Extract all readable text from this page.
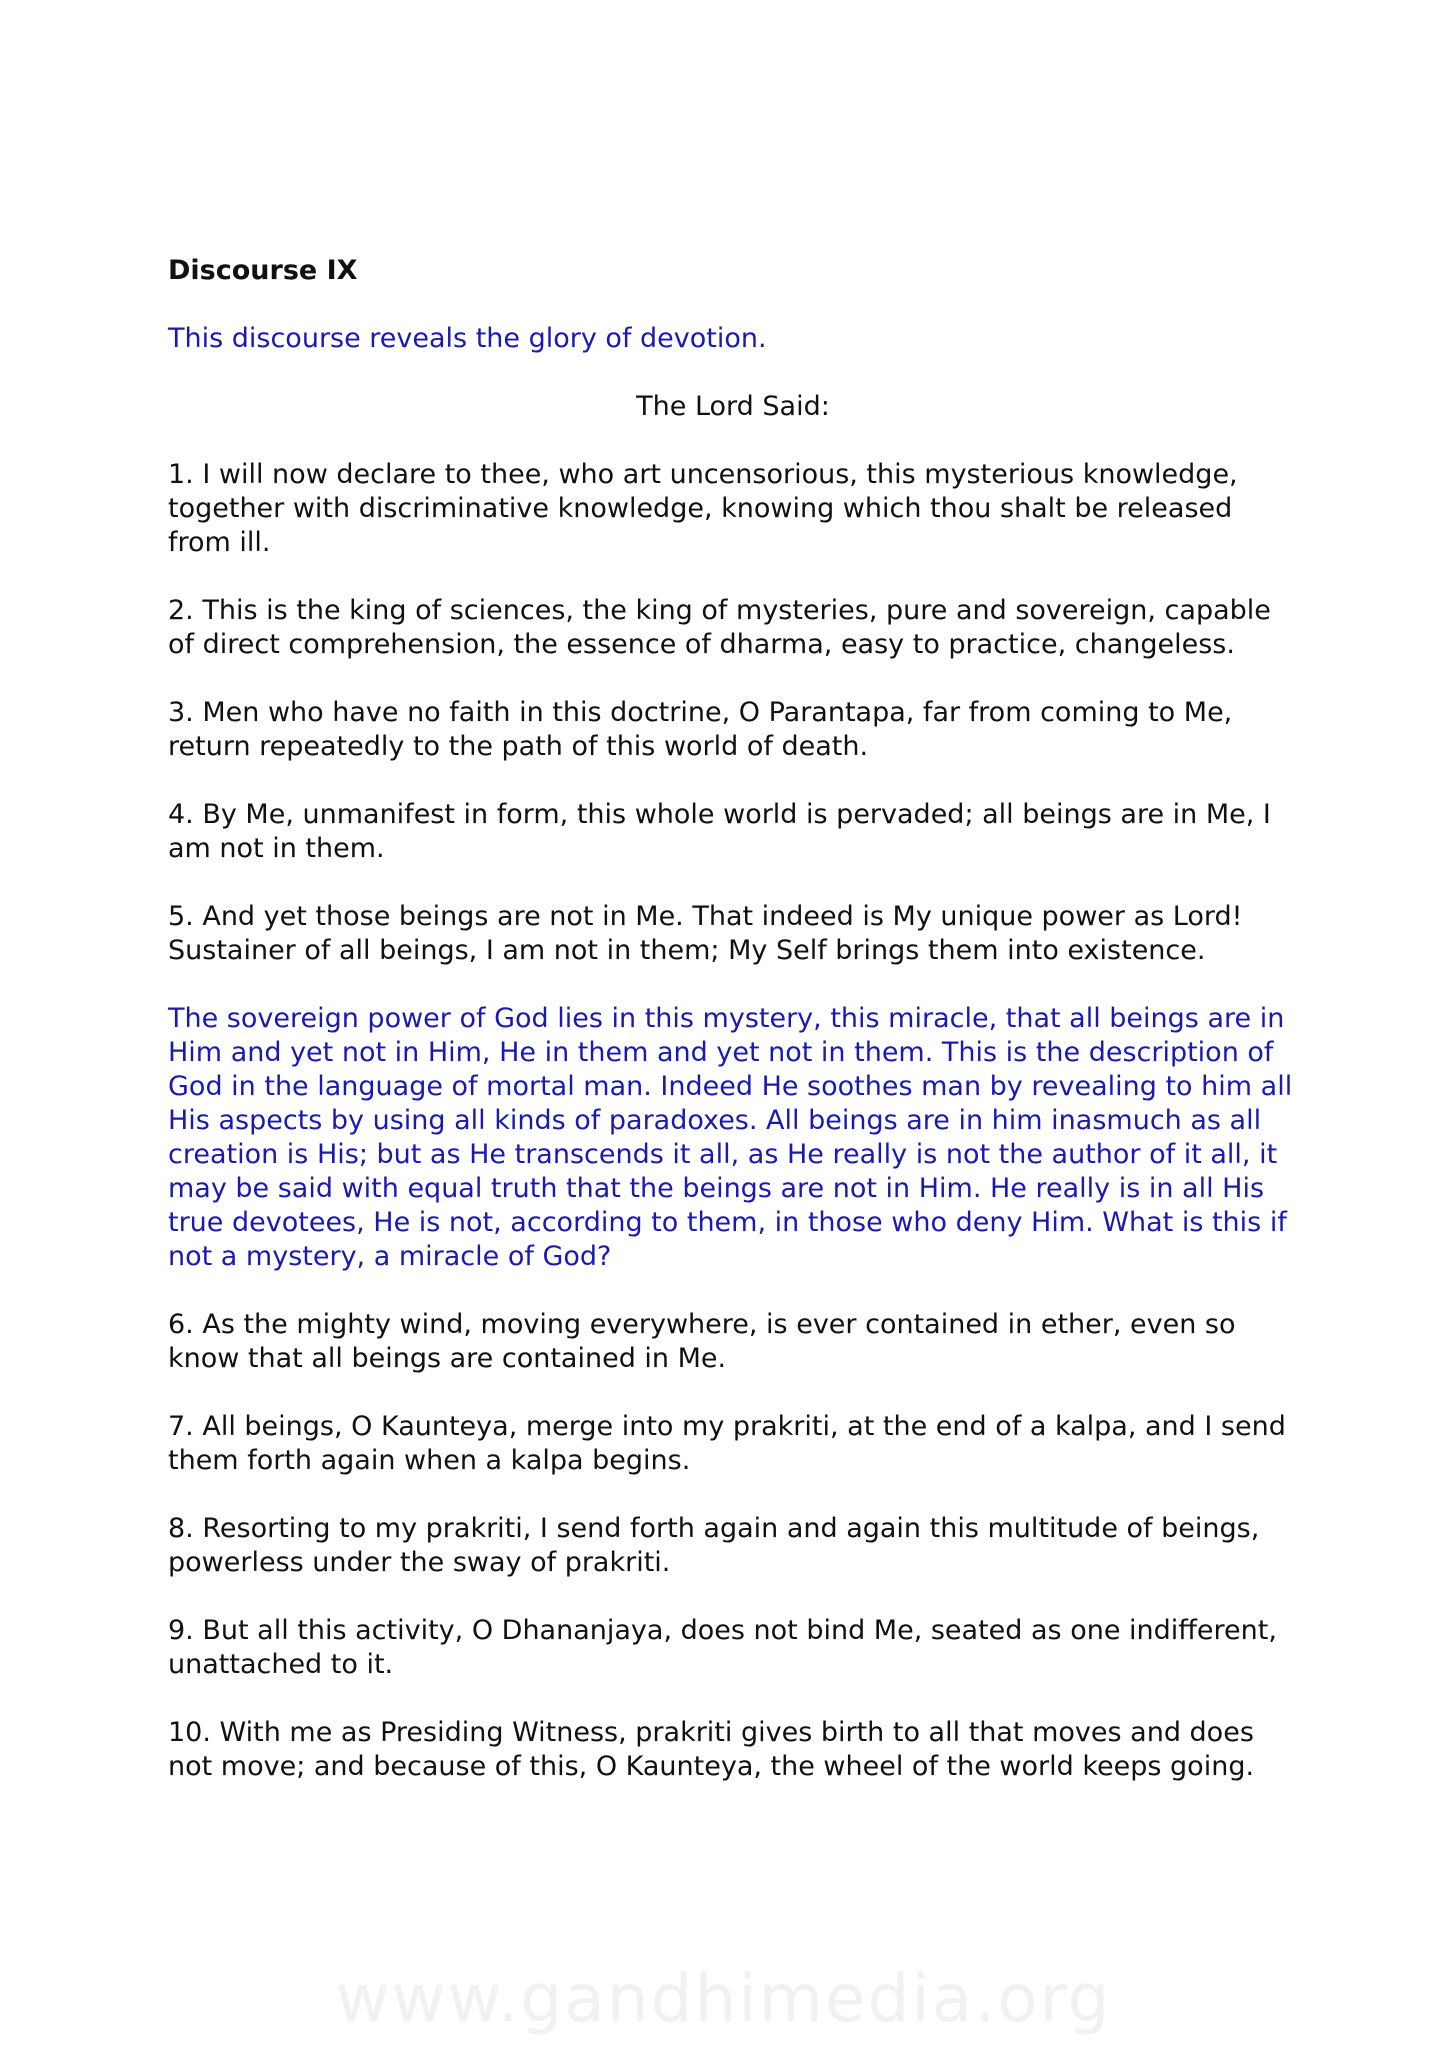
Discourse IX

This discourse reveals the glory of devotion.

The Lord Said:

1. I will now declare to thee, who art uncensorious, this mysterious knowledge, together with discriminative knowledge, knowing which thou shalt be released from ill.

2. This is the king of sciences, the king of mysteries, pure and sovereign, capable of direct comprehension, the essence of dharma, easy to practice, changeless.

3. Men who have no faith in this doctrine, O Parantapa, far from coming to Me, return repeatedly to the path of this world of death.

4. By Me, unmanifest in form, this whole world is pervaded; all beings are in Me, I am not in them.

5. And yet those beings are not in Me. That indeed is My unique power as Lord! Sustainer of all beings, I am not in them; My Self brings them into existence.

The sovereign power of God lies in this mystery, this miracle, that all beings are in Him and yet not in Him, He in them and yet not in them. This is the description of God in the language of mortal man. Indeed He soothes man by revealing to him all His aspects by using all kinds of paradoxes. All beings are in him inasmuch as all creation is His; but as He transcends it all, as He really is not the author of it all, it may be said with equal truth that the beings are not in Him. He really is in all His true devotees, He is not, according to them, in those who deny Him. What is this if not a mystery, a miracle of God?

6. As the mighty wind, moving everywhere, is ever contained in ether, even so know that all beings are contained in Me.

7. All beings, O Kaunteya, merge into my prakriti, at the end of a kalpa, and I send them forth again when a kalpa begins.

8. Resorting to my prakriti, I send forth again and again this multitude of beings, powerless under the sway of prakriti.

9. But all this activity, O Dhananjaya, does not bind Me, seated as one indifferent, unattached to it.

10. With me as Presiding Witness, prakriti gives birth to all that moves and does not move; and because of this, O Kaunteya, the wheel of the world keeps going.

www.gandhimedia.org
